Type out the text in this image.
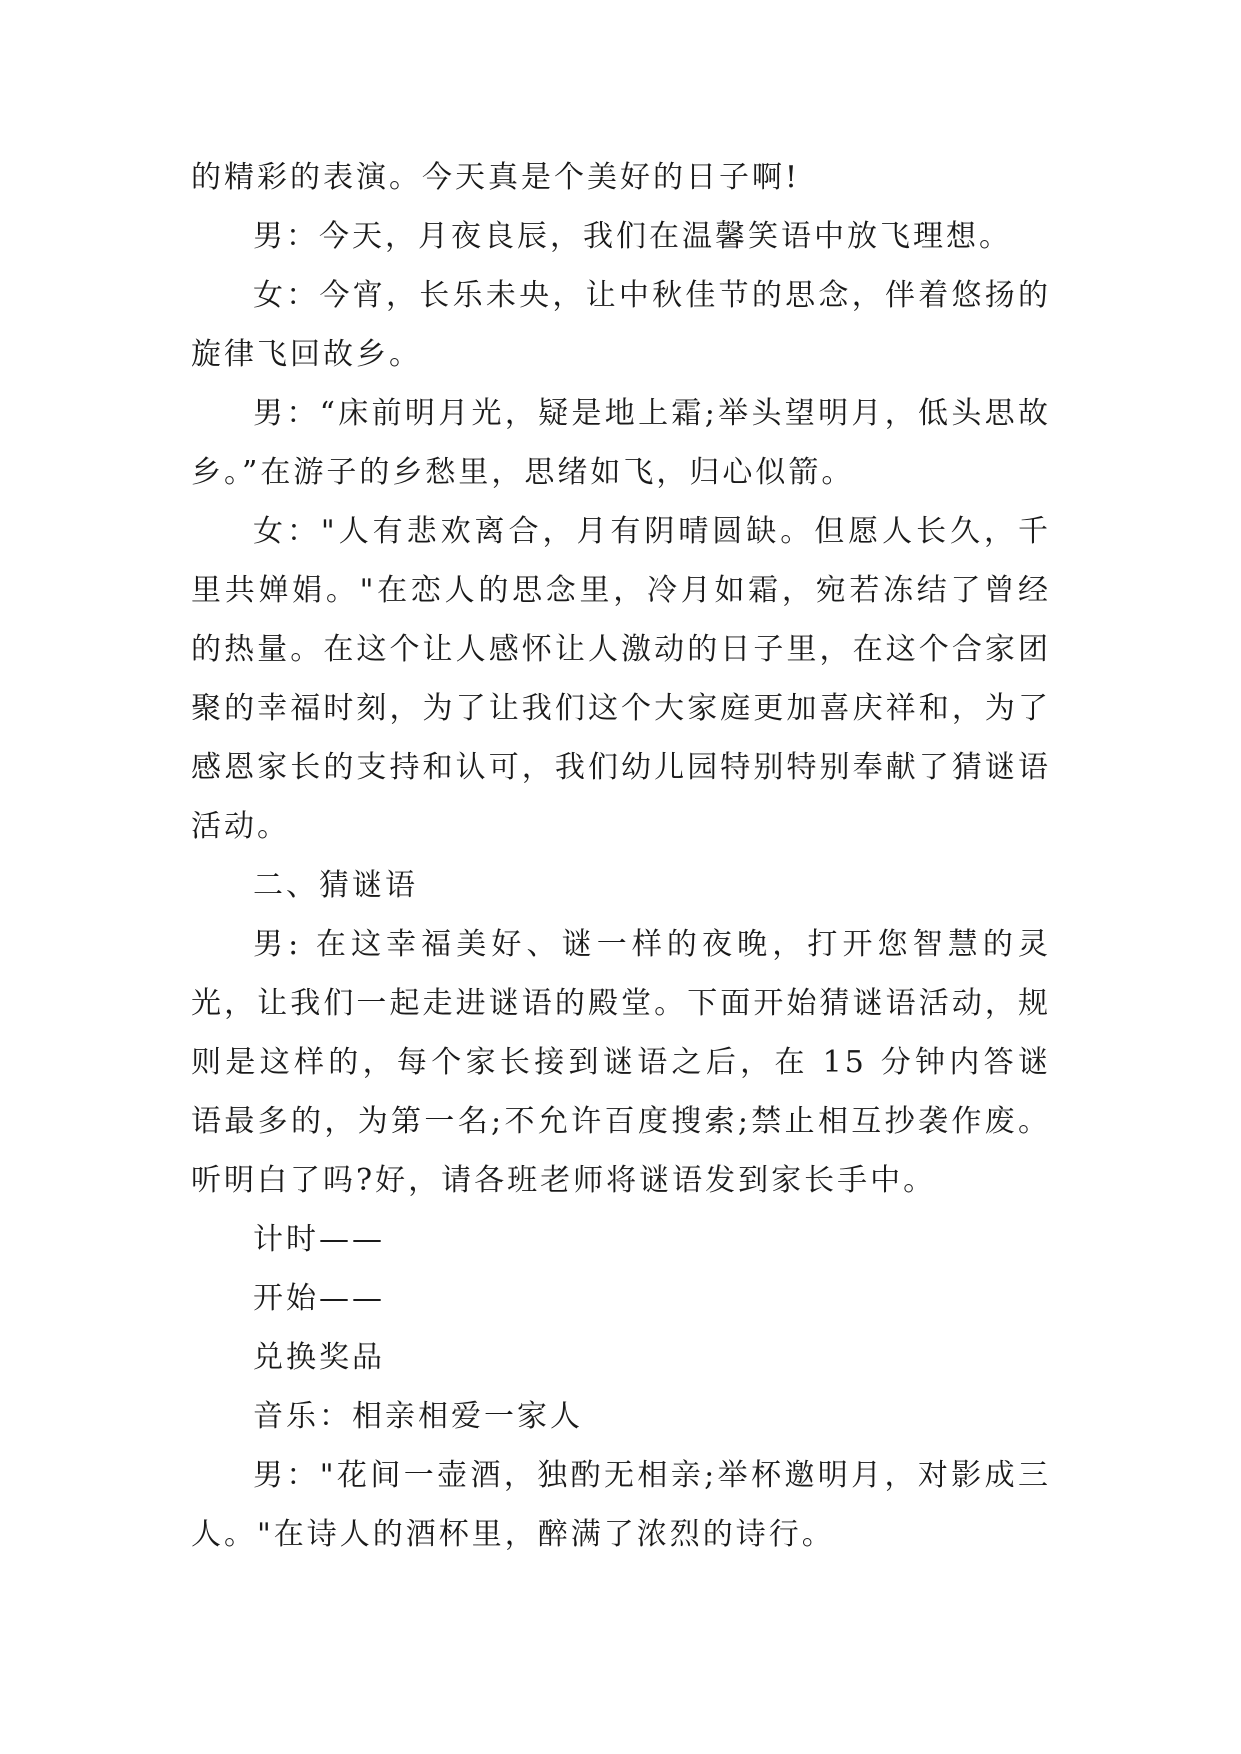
的精彩的表演。今天真是个美好的日子啊!

男：今天，月夜良辰，我们在温馨笑语中放飞理想。

女：今宵，长乐未央，让中秋佳节的思念，伴着悠扬的旋律飞回故乡。

男：“床前明月光，疑是地上霜;举头望明月，低头思故乡。”在游子的乡愁里，思绪如飞，归心似箭。

女："人有悲欢离合，月有阴晴圆缺。但愿人长久，千里共婵娟。"在恋人的思念里，冷月如霜，宛若冻结了曾经的热量。在这个让人感怀让人激动的日子里，在这个合家团聚的幸福时刻，为了让我们这个大家庭更加喜庆祥和，为了感恩家长的支持和认可，我们幼儿园特别特别奉献了猜谜语活动。

二、猜谜语

男: 在这幸福美好、谜一样的夜晚，打开您智慧的灵光，让我们一起走进谜语的殿堂。下面开始猜谜语活动，规则是这样的，每个家长接到谜语之后，在 15 分钟内答谜语最多的，为第一名;不允许百度搜索;禁止相互抄袭作废。听明白了吗?好，请各班老师将谜语发到家长手中。

计时——

开始——

兑换奖品

音乐：相亲相爱一家人

男："花间一壶酒，独酌无相亲;举杯邀明月，对影成三人。"在诗人的酒杯里，醉满了浓烈的诗行。
